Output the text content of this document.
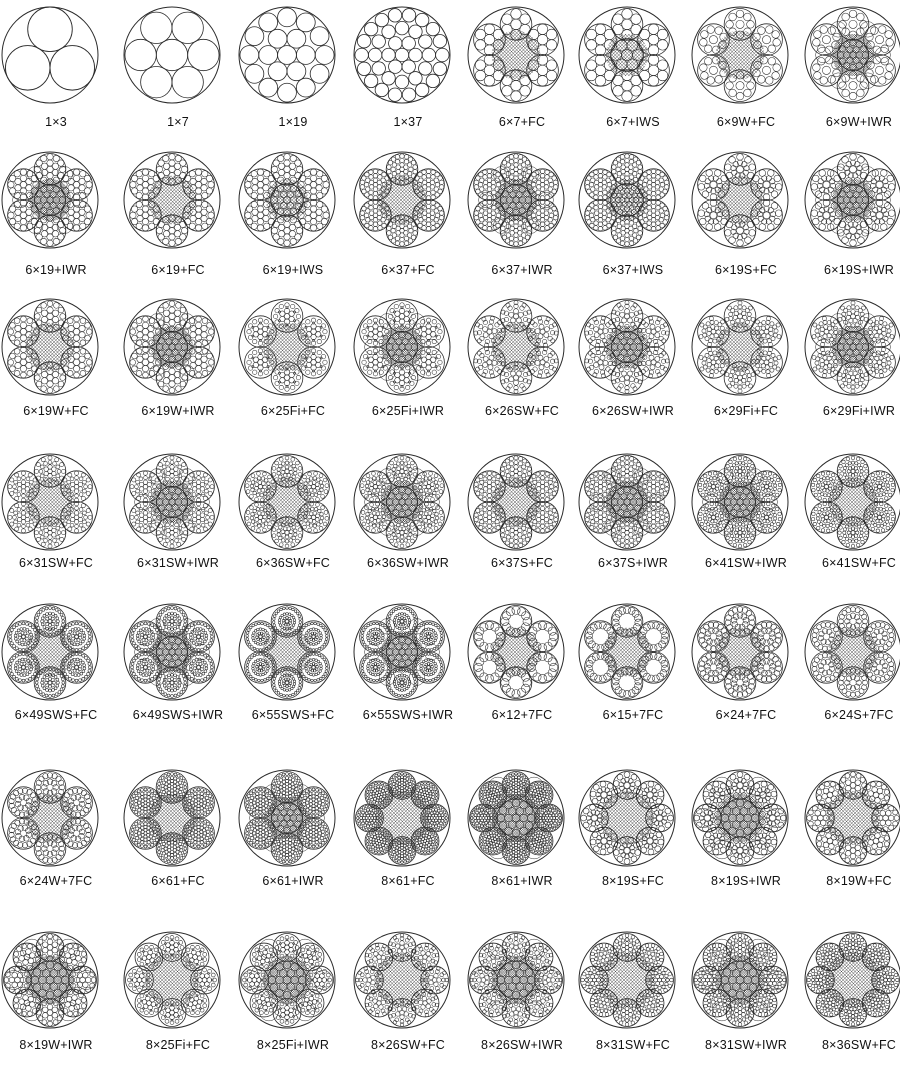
1×3	1×7	1×19	1×37	6×7+FC	6×7+IWS	6×9W+FC	6×9W+IWR
6×19+IWR	6×19+FC	6×19+IWS	6×37+FC	6×37+IWR	6×37+IWS	6×19S+FC	6×19S+IWR
6×19W+FC	6×19W+IWR	6×25Fi+FC	6×25Fi+IWR	6×26SW+FC	6×26SW+IWR	6×29Fi+FC	6×29Fi+IWR
6×31SW+FC	6×31SW+IWR	6×36SW+FC	6×36SW+IWR	6×37S+FC	6×37S+IWR	6×41SW+IWR	6×41SW+FC
6×49SWS+FC	6×49SWS+IWR	6×55SWS+FC	6×55SWS+IWR	6×12+7FC	6×15+7FC	6×24+7FC	6×24S+7FC
6×24W+7FC	6×61+FC	6×61+IWR	8×61+FC	8×61+IWR	8×19S+FC	8×19S+IWR	8×19W+FC
8×19W+IWR	8×25Fi+FC	8×25Fi+IWR	8×26SW+FC	8×26SW+IWR	8×31SW+FC	8×31SW+IWR	8×36SW+FC
